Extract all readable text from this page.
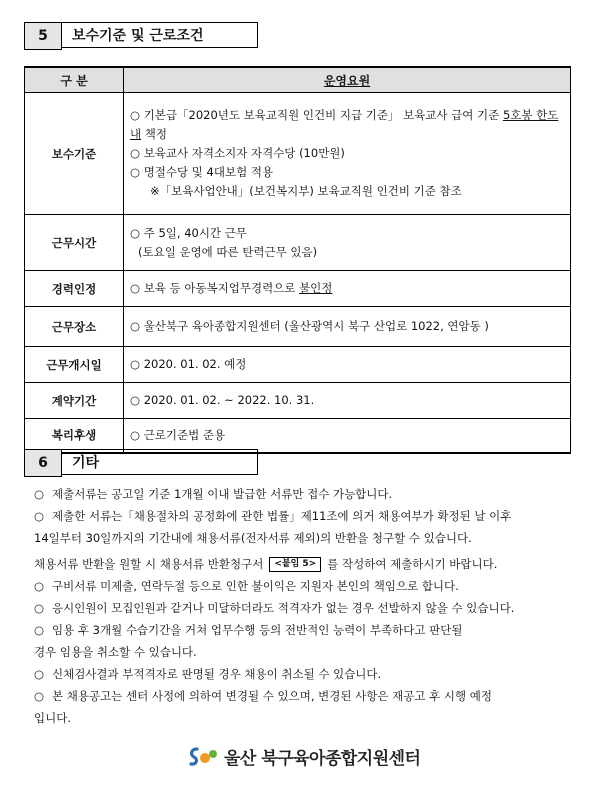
5	보수기준 및 근로조건
구 분	운영요원
보수기준	○ 기본급「2020년도 보육교직원 인건비 지급 기준」 보육교사 급여 기준 5호봉 한도 내 책정
○ 보육교사 자격소지자 자격수당 (10만원)
○ 명절수당 및 4대보험 적용
※「보육사업안내」(보건복지부) 보육교직원 인건비 기준 참조

근무시간	○ 주 5일, 40시간 근무
(토요일 운영에 따른 탄력근무 있음)

경력인정	○ 보육 등 아동복지업무경력으로 불인정
근무장소	○ 울산북구 육아종합지원센터 (울산광역시 북구 산업로 1022, 연암동 )
근무개시일	○ 2020. 01. 02. 예정
계약기간	○ 2020. 01. 02. ~ 2022. 10. 31.
복리후생	○ 근로기준법 준용
6	기타
○ 제출서류는 공고일 기준 1개월 이내 발급한 서류만 접수 가능합니다.
○ 제출한 서류는「채용절차의 공정화에 관한 법률」제11조에 의거 채용여부가 확정된 날 이후
14일부터 30일까지의 기간내에 채용서류(전자서류 제외)의 반환을 청구할 수 있습니다.
채용서류 반환을 원할 시 채용서류 반환청구서 <붙임 5> 를 작성하여 제출하시기 바랍니다.
○ 구비서류 미제출, 연락두절 등으로 인한 불이익은 지원자 본인의 책임으로 합니다.
○ 응시인원이 모집인원과 같거나 미달하더라도 적격자가 없는 경우 선발하지 않을 수 있습니다.
○ 임용 후 3개월 수습기간을 거쳐 업무수행 등의 전반적인 능력이 부족하다고 판단될
경우 임용을 취소할 수 있습니다.
○ 신체검사결과 부적격자로 판명될 경우 채용이 취소될 수 있습니다.
○ 본 채용공고는 센터 사정에 의하여 변경될 수 있으며, 변경된 사항은 재공고 후 시행 예정
입니다.
울산 북구육아종합지원센터
